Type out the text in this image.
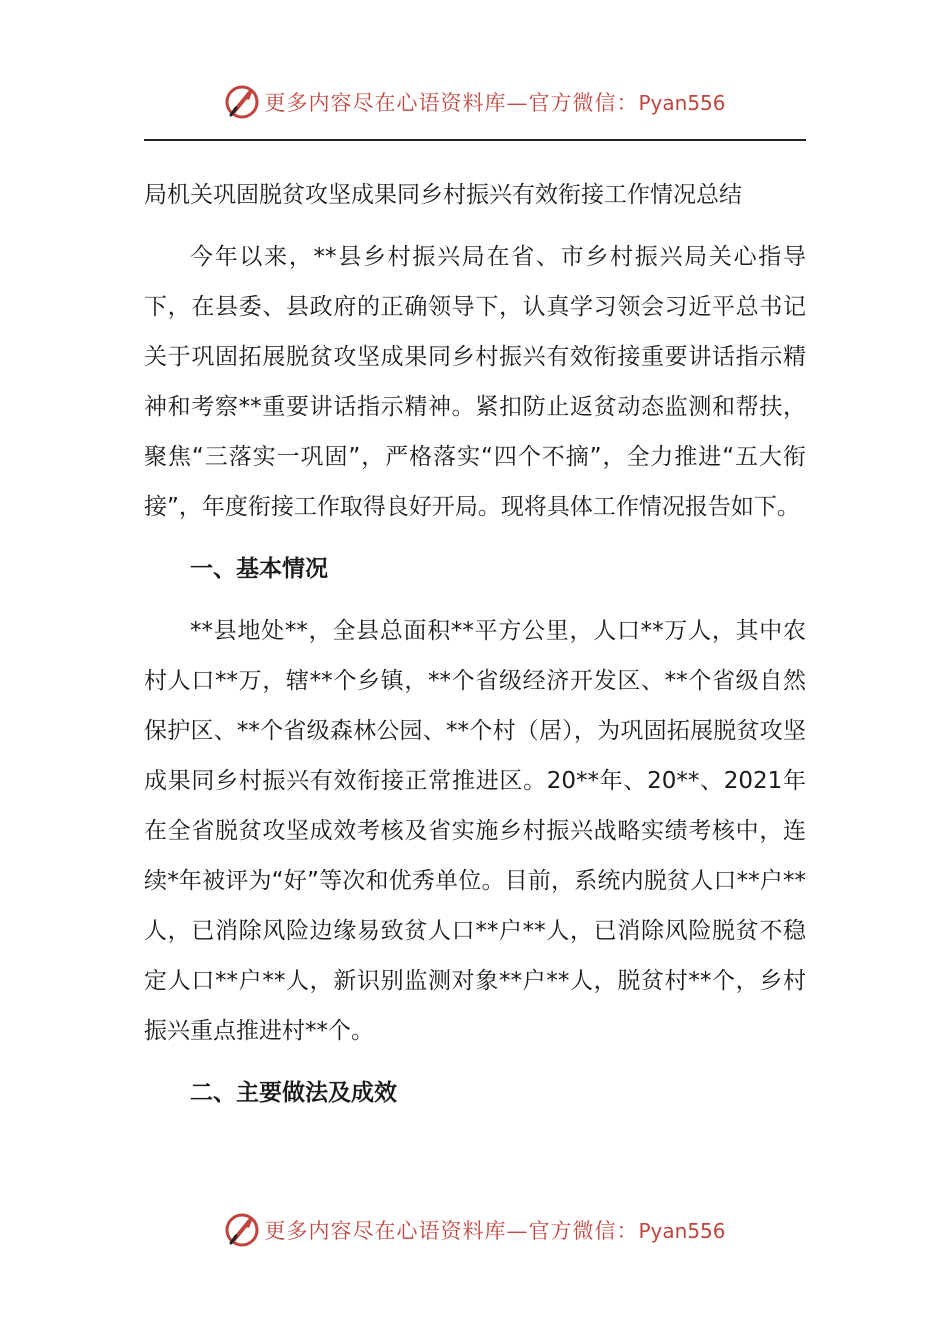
更多内容尽在心语资料库—官方微信：Pyan556
局机关巩固脱贫攻坚成果同乡村振兴有效衔接工作情况总结

今年以来，**县乡村振兴局在省、市乡村振兴局关心指导下，在县委、县政府的正确领导下，认真学习领会习近平总书记关于巩固拓展脱贫攻坚成果同乡村振兴有效衔接重要讲话指示精神和考察**重要讲话指示精神。紧扣防止返贫动态监测和帮扶，聚焦“三落实一巩固”，严格落实“四个不摘”，全力推进“五大衔接”，年度衔接工作取得良好开局。现将具体工作情况报告如下。

一、基本情况

**县地处**，全县总面积**平方公里，人口**万人，其中农村人口**万，辖**个乡镇，**个省级经济开发区、**个省级自然保护区、**个省级森林公园、**个村（居），为巩固拓展脱贫攻坚成果同乡村振兴有效衔接正常推进区。20**年、20**、2021年在全省脱贫攻坚成效考核及省实施乡村振兴战略实绩考核中，连续*年被评为“好”等次和优秀单位。目前，系统内脱贫人口**户**人，已消除风险边缘易致贫人口**户**人，已消除风险脱贫不稳定人口**户**人，新识别监测对象**户**人，脱贫村**个，乡村振兴重点推进村**个。

二、主要做法及成效
更多内容尽在心语资料库—官方微信：Pyan556
